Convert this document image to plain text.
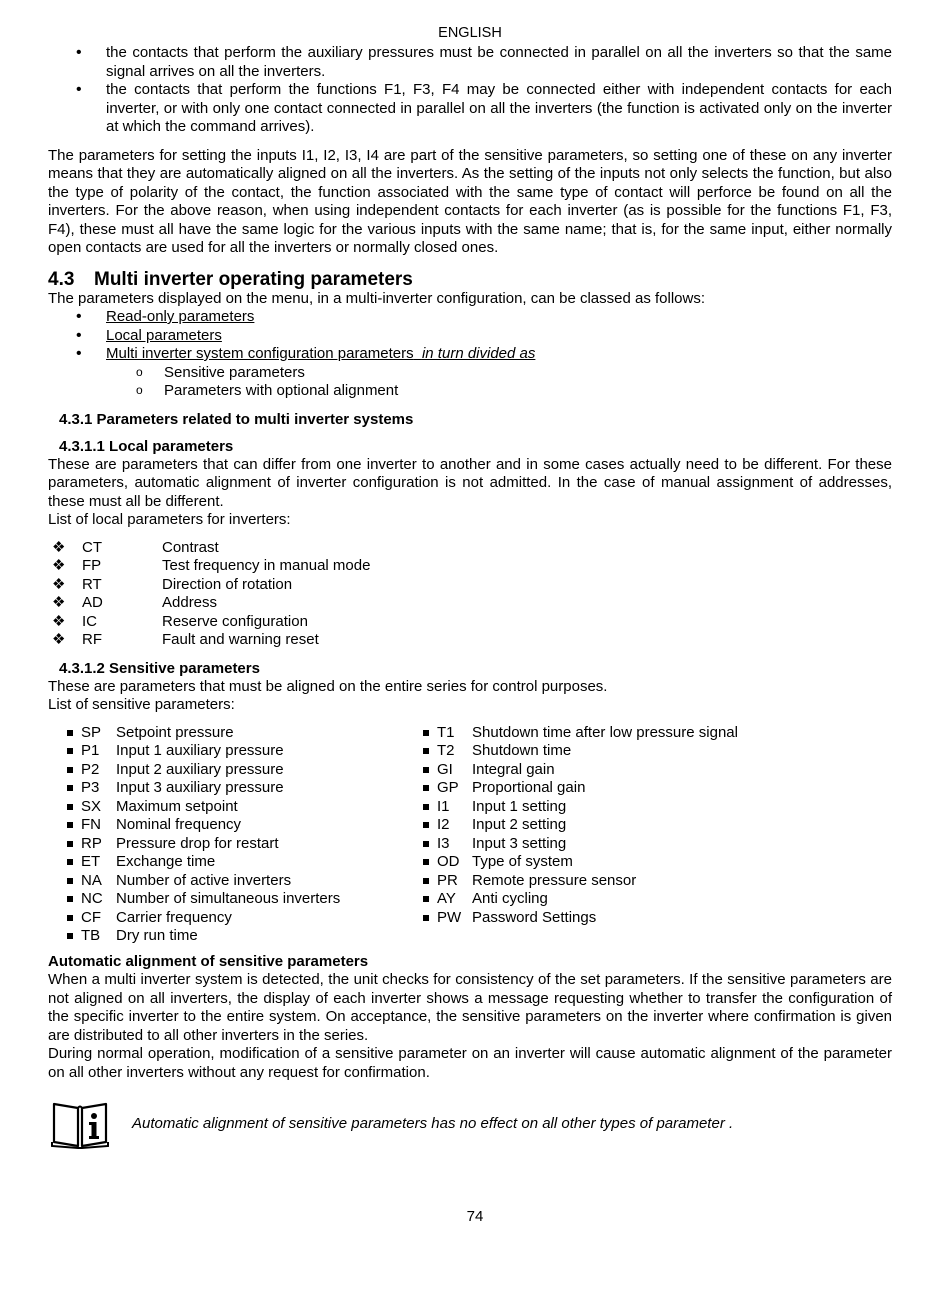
ENGLISH
• the contacts that perform the auxiliary pressures must be connected in parallel on all the inverters so that the same signal arrives on all the inverters.
• the contacts that perform the functions F1, F3, F4 may be connected either with independent contacts for each inverter, or with only one contact connected in parallel on all the inverters (the function is activated only on the inverter at which the command arrives).

The parameters for setting the inputs I1, I2, I3, I4 are part of the sensitive parameters, so setting one of these on any inverter means that they are automatically aligned on all the inverters. As the setting of the inputs not only selects the function, but also the type of polarity of the contact, the function associated with the same type of contact will perforce be found on all the inverters. For the above reason, when using independent contacts for each inverter (as is possible for the functions F1, F3, F4), these must all have the same logic for the various inputs with the same name; that is, for the same input, either normally open contacts are used for all the inverters or normally closed ones.

4.3 Multi inverter operating parameters

The parameters displayed on the menu, in a multi-inverter configuration, can be classed as follows:

• Read-only parameters
• Local parameters
• Multi inverter system configuration parameters in turn divided as
o Sensitive parameters
o Parameters with optional alignment
4.3.1 Parameters related to multi inverter systems
4.3.1.1 Local parameters

These are parameters that can differ from one inverter to another and in some cases actually need to be different. For these parameters, automatic alignment of inverter configuration is not admitted. In the case of manual assignment of addresses, these must all be different.

List of local parameters for inverters:

❖	CT	Contrast
❖	FP	Test frequency in manual mode
❖	RT	Direction of rotation
❖	AD	Address
❖	IC	Reserve configuration
❖	RF	Fault and warning reset
4.3.1.2 Sensitive parameters

These are parameters that must be aligned on the entire series for control purposes.

List of sensitive parameters:

SP Setpoint pressure
P1	Input 1 auxiliary pressure
P2	Input 2 auxiliary pressure
P3	Input 3 auxiliary pressure
SX Maximum setpoint
FN	Nominal frequency
RP Pressure drop for restart
ET	Exchange time
NA Number of active inverters
NC Number of simultaneous inverters
CF	Carrier frequency
TB	Dry run time
T1	Shutdown time after low pressure signal
T2	Shutdown time
GI	Integral gain
GP Proportional gain
I1	Input 1 setting
I2	Input 2 setting
I3	Input 3 setting
OD Type of system
PR Remote pressure sensor
AY	Anti cycling
PW Password Settings

Automatic alignment of sensitive parameters

When a multi inverter system is detected, the unit checks for consistency of the set parameters. If the sensitive parameters are not aligned on all inverters, the display of each inverter shows a message requesting whether to transfer the configuration of the specific inverter to the entire system. On acceptance, the sensitive parameters on the inverter where confirmation is given are distributed to all other inverters in the series.

During normal operation, modification of a sensitive parameter on an inverter will cause automatic alignment of the parameter on all other inverters without any request for confirmation.

Automatic alignment of sensitive parameters has no effect on all other types of parameter .
74
